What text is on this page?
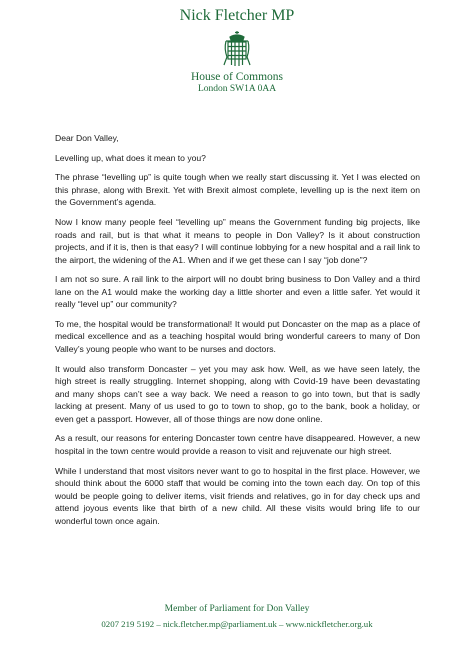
Nick Fletcher MP
House of Commons
London SW1A 0AA

Dear Don Valley,

Levelling up, what does it mean to you?

The phrase “levelling up” is quite tough when we really start discussing it. Yet I was elected on this phrase, along with Brexit. Yet with Brexit almost complete, levelling up is the next item on the Government’s agenda.

Now I know many people feel “levelling up” means the Government funding big projects, like roads and rail, but is that what it means to people in Don Valley? Is it about construction projects, and if it is, then is that easy? I will continue lobbying for a new hospital and a rail link to the airport, the widening of the A1. When and if we get these can I say “job done”?

I am not so sure. A rail link to the airport will no doubt bring business to Don Valley and a third lane on the A1 would make the working day a little shorter and even a little safer. Yet would it really “level up” our community?

To me, the hospital would be transformational! It would put Doncaster on the map as a place of medical excellence and as a teaching hospital would bring wonderful careers to many of Don Valley’s young people who want to be nurses and doctors.

It would also transform Doncaster – yet you may ask how. Well, as we have seen lately, the high street is really struggling. Internet shopping, along with Covid-19 have been devastating and many shops can’t see a way back. We need a reason to go into town, but that is sadly lacking at present. Many of us used to go to town to shop, go to the bank, book a holiday, or even get a passport. However, all of those things are now done online.

As a result, our reasons for entering Doncaster town centre have disappeared. However, a new hospital in the town centre would provide a reason to visit and rejuvenate our high street.

While I understand that most visitors never want to go to hospital in the first place. However, we should think about the 6000 staff that would be coming into the town each day. On top of this would be people going to deliver items, visit friends and relatives, go in for day check ups and attend joyous events like that birth of a new child. All these visits would bring life to our wonderful town once again.

Member of Parliament for Don Valley
0207 219 5192 – nick.fletcher.mp@parliament.uk – www.nickfletcher.org.uk
